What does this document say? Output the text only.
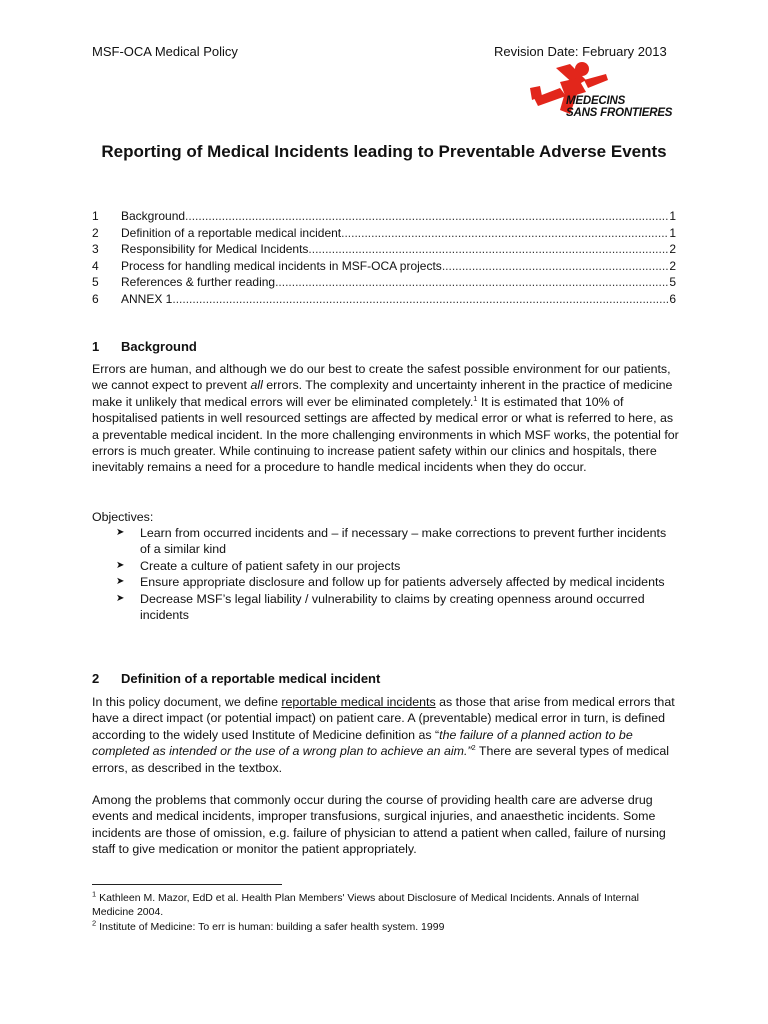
MSF-OCA Medical Policy	Revision Date: February 2013
MEDECINS
SANS FRONTIERES
Reporting of Medical Incidents leading to Preventable Adverse Events
1	Background .....	1
2	Definition of a reportable medical incident .....	1
3	Responsibility for Medical Incidents .....	2
4	Process for handling medical incidents in MSF-OCA projects .....	2
5	References & further reading .....	5
6	ANNEX 1 .....	6
1 Background

Errors are human, and although we do our best to create the safest possible environment for our patients, we cannot expect to prevent all errors. The complexity and uncertainty inherent in the practice of medicine make it unlikely that medical errors will ever be eliminated completely.$^1$ It is estimated that 10% of hospitalised patients in well resourced settings are affected by medical error or what is referred to here, as a preventable medical incident. In the more challenging environments in which MSF works, the potential for errors is much greater. While continuing to increase patient safety within our clinics and hospitals, there inevitably remains a need for a procedure to handle medical incidents when they do occur.

Objectives:
➤	Learn from occurred incidents and – if necessary – make corrections to prevent further incidents of a similar kind
➤	Create a culture of patient safety in our projects
➤	Ensure appropriate disclosure and follow up for patients adversely affected by medical incidents
➤	Decrease MSF’s legal liability / vulnerability to claims by creating openness around occurred incidents
2 Definition of a reportable medical incident

In this policy document, we define reportable medical incidents as those that arise from medical errors that have a direct impact (or potential impact) on patient care. A (preventable) medical error in turn, is defined according to the widely used Institute of Medicine definition as “the failure of a planned action to be completed as intended or the use of a wrong plan to achieve an aim.”$^2$ There are several types of medical errors, as described in the textbox.

Among the problems that commonly occur during the course of providing health care are adverse drug events and medical incidents, improper transfusions, surgical injuries, and anaesthetic incidents. Some incidents are those of omission, e.g. failure of physician to attend a patient when called, failure of nursing staff to give medication or monitor the patient appropriately.
$^1$ Kathleen M. Mazor, EdD et al. Health Plan Members' Views about Disclosure of Medical Incidents. Annals of Internal Medicine 2004.
$^2$ Institute of Medicine: To err is human: building a safer health system. 1999
